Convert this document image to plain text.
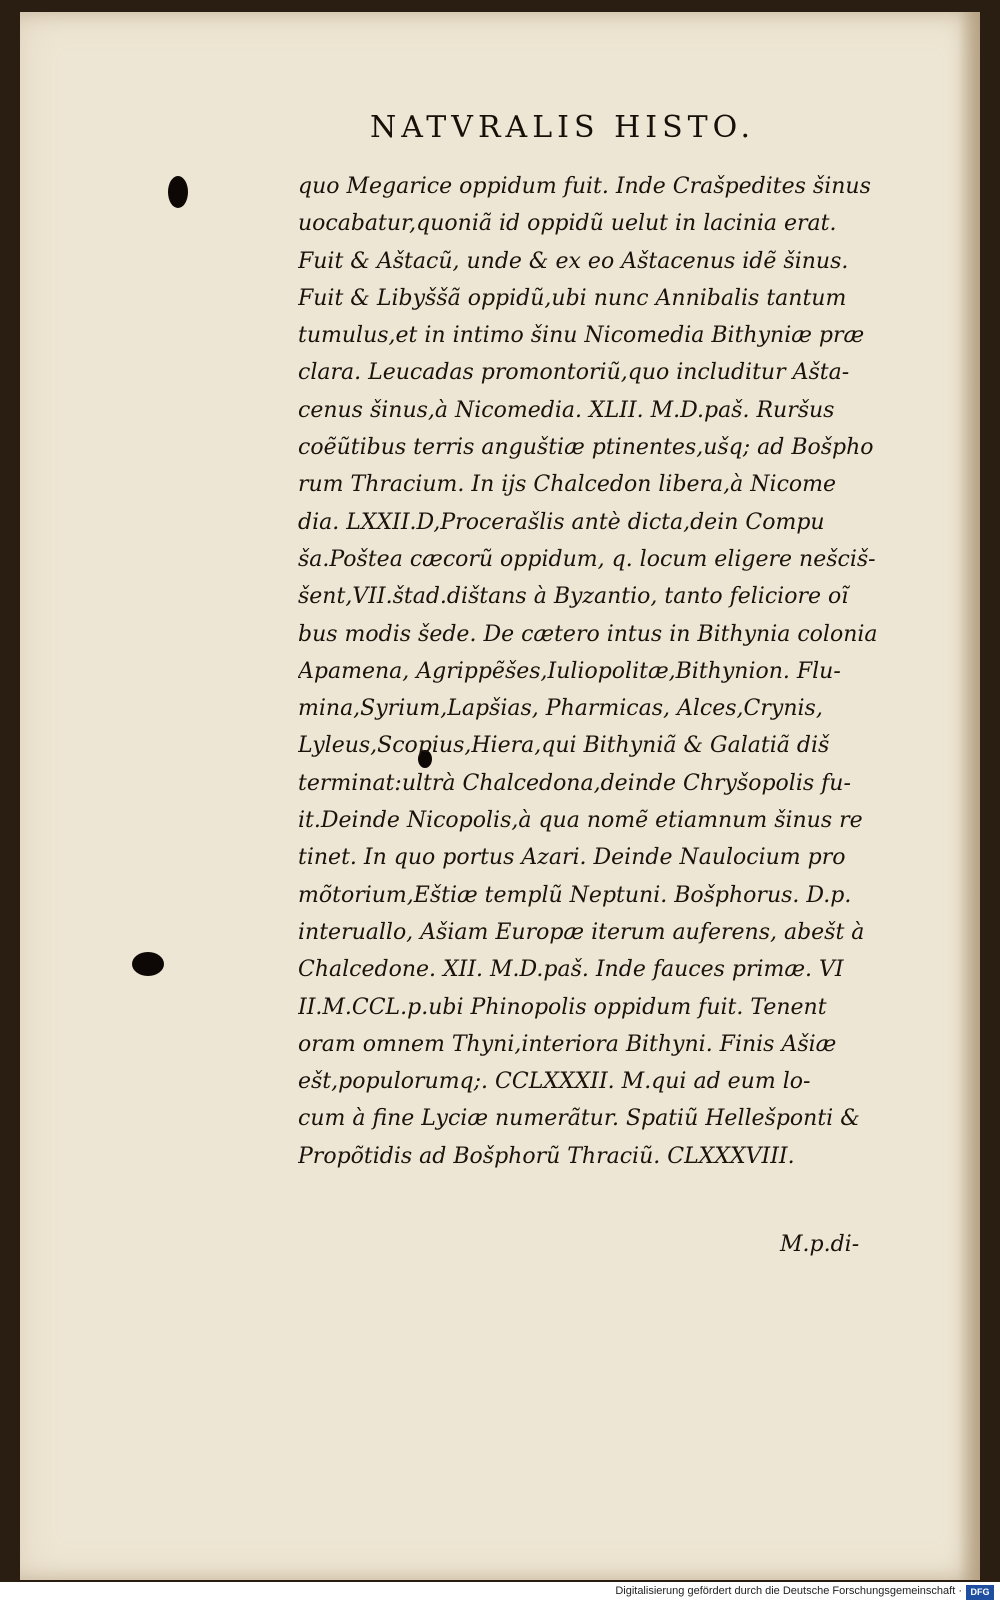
NATVRALIS HISTO.
quo Megarice oppidum fuit. Inde Crašpedites šinus
uocabatur,quoniã id oppidũ uelut in lacinia erat.
Fuit & Aštacũ, unde & ex eo Aštacenus idẽ šinus.
Fuit & Libyššã oppidũ,ubi nunc Annibalis tantum
tumulus,et in intimo šinu Nicomedia Bithyniæ præ
clara. Leucadas promontoriũ,quo includitur Ašta-
cenus šinus,à Nicomedia. XLII. M.D.paš. Ruršus
coẽũtibus terris anguštiæ ptinentes,ušq; ad Bošpho
rum Thracium. In ijs Chalcedon libera,à Nicome
dia. LXXII.D,Procerašlis antè dicta,dein Compu
ša.Poštea cæcorũ oppidum, q. locum eligere nešciš-
šent,VII.štad.dištans à Byzantio, tanto feliciore oĩ
bus modis šede. De cætero intus in Bithynia colonia
Apamena, Agrippẽšes,Iuliopolitæ,Bithynion. Flu-
mina,Syrium,Lapšias, Pharmicas, Alces,Crynis,
Lyleus,Scopius,Hiera,qui Bithyniã & Galatiã diš
terminat:ultrà Chalcedona,deinde Chryšopolis fu-
it.Deinde Nicopolis,à qua nomẽ etiamnum šinus re
tinet. In quo portus Azari. Deinde Naulocium pro
mõtorium,Eštiæ templũ Neptuni. Bošphorus. D.p.
interuallo, Ašiam Europæ iterum auferens, abešt à
Chalcedone. XII. M.D.paš. Inde fauces primæ. VI
II.M.CCL.p.ubi Phinopolis oppidum fuit. Tenent
oram omnem Thyni,interiora Bithyni. Finis Ašiæ
ešt,populorumq;. CCLXXXII. M.qui ad eum lo-
cum à fine Lyciæ numerãtur. Spatiũ Hellešponti &
Propõtidis ad Bošphorũ Thraciũ. CLXXXVIII.
M.p.di-
Digitalisierung gefördert durch die Deutsche Forschungsgemeinschaft · DFG
